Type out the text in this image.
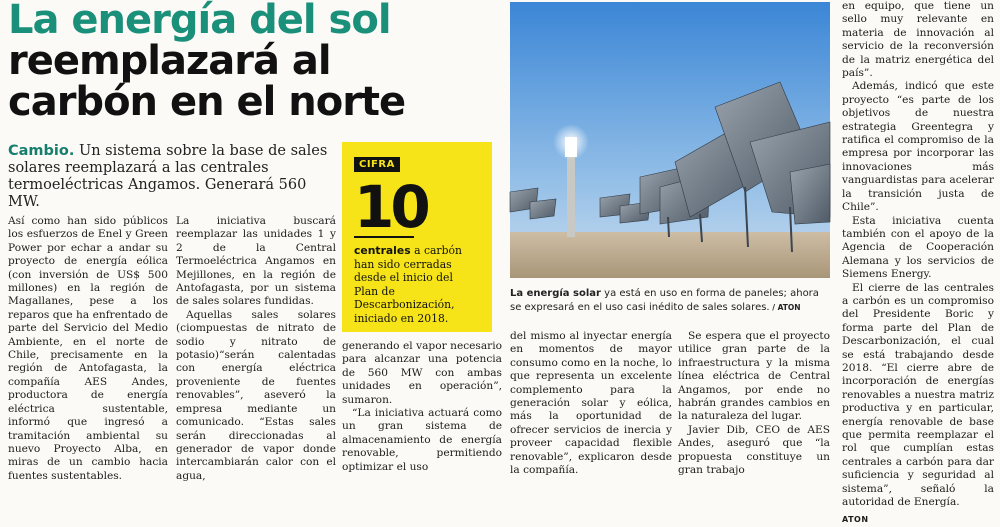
La energía del sol
reemplazará al
carbón en el norte
Cambio. Un sistema sobre la base de sales solares reemplazará a las centrales termoeléctricas Angamos. Generará 560 MW.

Así como han sido públicos los esfuerzos de Enel y Green Power por echar a andar su proyecto de energía eólica (con inversión de US$ 500 millones) en la región de Magallanes, pese a los reparos que ha enfrentado de parte del Servicio del Medio Ambiente, en el norte de Chile, precisamente en la región de Antofagasta, la compañía AES Andes, productora de energía eléctrica sustentable, informó que ingresó a tramitación ambiental su nuevo Proyecto Alba, en miras de un cambio hacia fuentes sustentables.

La iniciativa buscará reemplazar las unidades 1 y 2 de la Central Termoeléctrica Angamos en Mejillones, en la región de Antofagasta, por un sistema de sales solares fundidas.

Aquellas sales solares (ciompuestas de nitrato de sodio y nitrato de potasio)“serán calentadas con energía eléctrica proveniente de fuentes renovables”, aseveró la empresa mediante un comunicado. “Estas sales serán direccionadas al generador de vapor donde intercambiarán calor con el agua,

CIFRA
10
centrales a carbón han sido cerradas desde el inicio del Plan de Descarbonización, iniciado en 2018.

generando el vapor necesario para alcanzar una potencia de 560 MW con ambas unidades en operación”, sumaron.

“La iniciativa actuará como un gran sistema de almacenamiento de energía renovable, permitiendo optimizar el uso

La energía solar ya está en uso en forma de paneles; ahora se expresará en el uso casi inédito de sales solares. / ATON

del mismo al inyectar energía en momentos de mayor consumo como en la noche, lo que representa un excelente complemento para la generación solar y eólica, más la oportunidad de ofrecer servicios de inercia y proveer capacidad flexible renovable”, explicaron desde la compañía.

Se espera que el proyecto utilice gran parte de la infraestructura y la misma línea eléctrica de Central Angamos, por ende no habrán grandes cambios en la naturaleza del lugar.

Javier Dib, CEO de AES Andes, aseguró que “la propuesta constituye un gran trabajo

en equipo, que tiene un sello muy relevante en materia de innovación al servicio de la reconversión de la matriz energética del país”.

Además, indicó que este proyecto “es parte de los objetivos de nuestra estrategia Greentegra y ratifica el compromiso de la empresa por incorporar las innovaciones más vanguardistas para acelerar la transición justa de Chile”.

Esta iniciativa cuenta también con el apoyo de la Agencia de Cooperación Alemana y los servicios de Siemens Energy.

El cierre de las centrales a carbón es un compromiso del Presidente Boric y forma parte del Plan de Descarbonización, el cual se está trabajando desde 2018. “El cierre abre de incorporación de energías renovables a nuestra matriz productiva y en particular, energía renovable de base que permita reemplazar el rol que cumplían estas centrales a carbón para dar suficiencia y seguridad al sistema”, señaló la autoridad de Energía.

ATON
